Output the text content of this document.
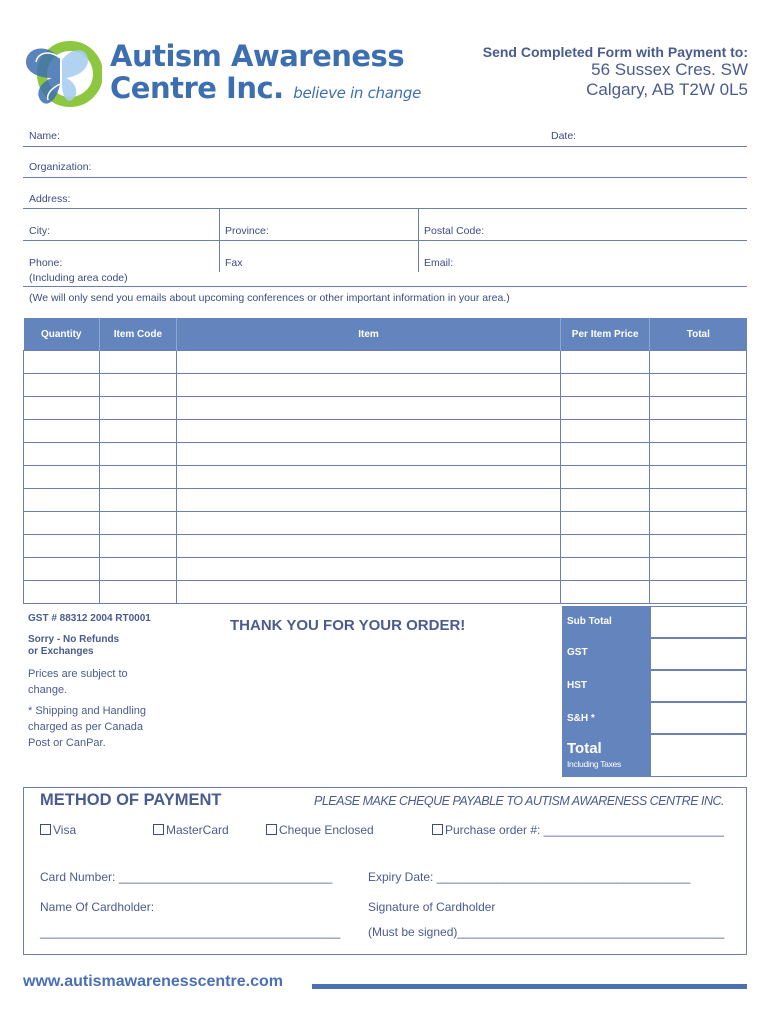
Autism Awareness
Centre Inc. believe in change
Send Completed Form with Payment to:
56 Sussex Cres. SW
Calgary, AB T2W 0L5
Name:	Date:
Organization:
Address:
City:	Province:	Postal Code:
Phone:
(Including area code)
Fax	Email:
(We will only send you emails about upcoming conferences or other important information in your area.)
Quantity	Item Code	Item	Per Item Price	Total

GST # 88312 2004 RT0001
Sorry - No Refunds
or Exchanges
Prices are subject to
change.
* Shipping and Handling
charged as per Canada
Post or CanPar.
THANK YOU FOR YOUR ORDER!	Sub Total
GST
HST
S&H *
Total
Including Taxes
METHOD OF PAYMENT	PLEASE MAKE CHEQUE PAYABLE TO AUTISM AWARENESS CENTRE INC.
Visa	MasterCard	Cheque Enclosed	Purchase order #: ___________________________
Card Number: ________________________________	Expiry Date: ______________________________________
Name Of Cardholder:	Signature of Cardholder
_____________________________________________ (Must be signed)________________________________________
www.autismawarenesscentre.com
